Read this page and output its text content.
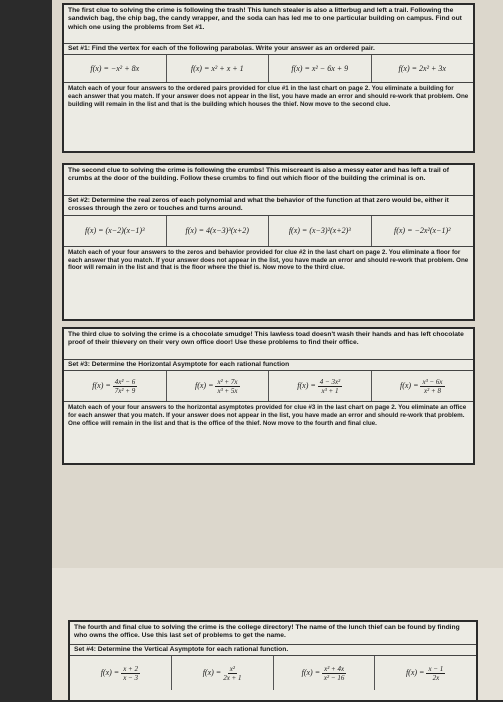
The first clue to solving the crime is following the trash! This lunch stealer is also a litterbug and left a trail. Following the sandwich bag, the chip bag, the candy wrapper, and the soda can has led me to one particular building on campus. Find out which one using the problems from Set #1.
Set #1: Find the vertex for each of the following parabolas. Write your answer as an ordered pair.
f(x) = −x² + 8x	f(x) = x² + x + 1	f(x) = x² − 6x + 9	f(x) = 2x² + 3x
Match each of your four answers to the ordered pairs provided for clue #1 in the last chart on page 2. You eliminate a building for each answer that you match. If your answer does not appear in the list, you have made an error and should re-work that problem. One building will remain in the list and that is the building which houses the thief. Now move to the second clue.
The second clue to solving the crime is following the crumbs! This miscreant is also a messy eater and has left a trail of crumbs at the door of the building. Follow these crumbs to find out which floor of the building the criminal is on.
Set #2: Determine the real zeros of each polynomial and what the behavior of the function at that zero would be, either it crosses through the zero or touches and turns around.
f(x) = (x−2)(x−1)³	f(x) = 4(x−3)³(x+2)	f(x) = (x−3)²(x+2)³	f(x) = −2x²(x−1)²
Match each of your four answers to the zeros and behavior provided for clue #2 in the last chart on page 2. You eliminate a floor for each answer that you match. If your answer does not appear in the list, you have made an error and should re-work that problem. One floor will remain in the list and that is the floor where the thief is. Now move to the third clue.
The third clue to solving the crime is a chocolate smudge! This lawless toad doesn't wash their hands and has left chocolate proof of their thievery on their very own office door! Use these problems to find their office.
Set #3: Determine the Horizontal Asymptote for each rational function
$f(x) = \frac{\text{4x² − 6}}{\text{7x² + 9}}$	$f(x) = \frac{\text{x² + 7x}}{\text{x³ + 5x}}$	$f(x) = \frac{\text{4 − 3x²}}{\text{x³ + 1}}$	$f(x) = \frac{\text{x³ − 6x}}{\text{x² + 8}}$
Match each of your four answers to the horizontal asymptotes provided for clue #3 in the last chart on page 2. You eliminate an office for each answer that you match. If your answer does not appear in the list, you have made an error and should re-work that problem. One office will remain in the list and that is the office of the thief. Now move to the fourth and final clue.
The fourth and final clue to solving the crime is the college directory! The name of the lunch thief can be found by finding who owns the office. Use this last set of problems to get the name.
Set #4: Determine the Vertical Asymptote for each rational function.
$f(x) = \frac{x + 2}{x - 3}$	$f(x) = \frac{\text{x²}}{2x + 1}$	$f(x) = \frac{\text{x² + 4x}}{\text{x² − 16}}$	$f(x) = \frac{x - 1}{2x}$
